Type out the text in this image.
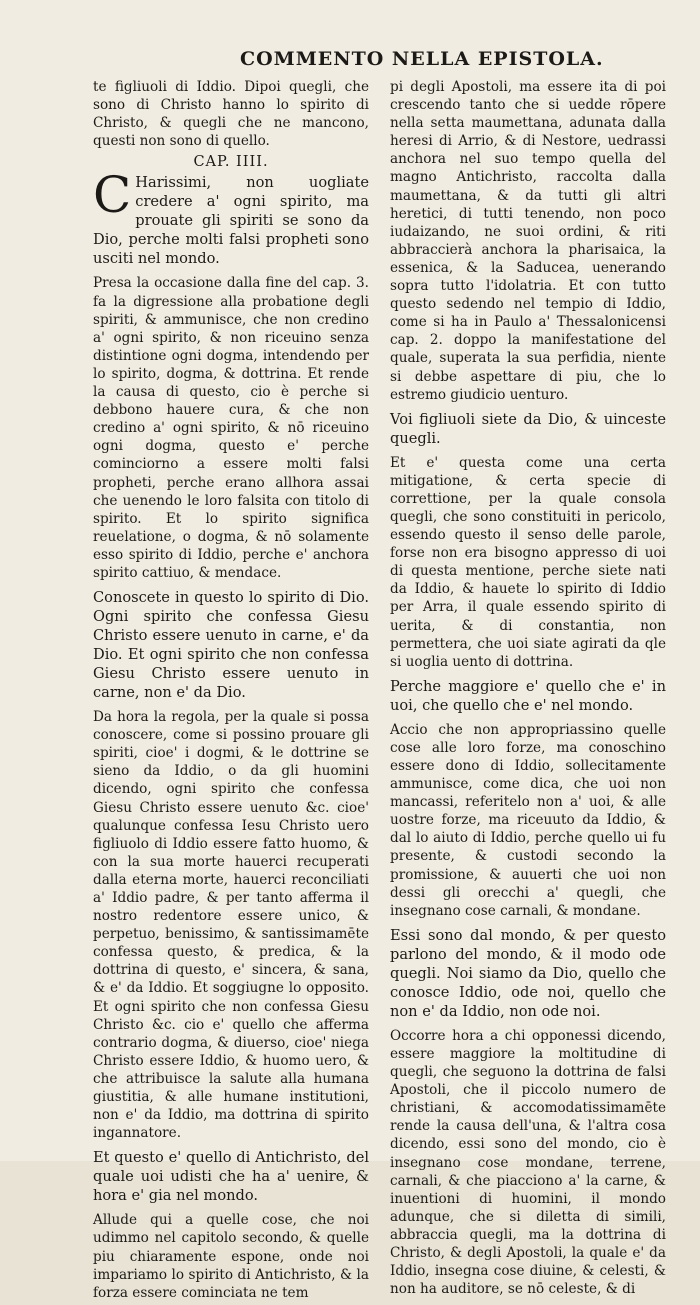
COMMENTO NELLA EPISTOLA.

te figliuoli di Iddio. Dipoi quegli, che sono di Christo hanno lo spirito di Christo, & quegli che ne mancono, questi non sono di quello.

CAP. IIII.

C Harissimi, non uogliate credere a' ogni spirito, ma prouate gli spiriti se sono da Dio, perche molti falsi propheti sono usciti nel mondo.

Presa la occasione dalla fine del cap. 3. fa la digressione alla probatione degli spiriti, & ammunisce, che non credino a' ogni spirito, & non riceuino senza distintione ogni dogma, intendendo per lo spirito, dogma, & dottrina. Et rende la causa di questo, cio è perche si debbono hauere cura, & che non credino a' ogni spirito, & nō riceuino ogni dogma, questo e' perche cominciorno a essere molti falsi propheti, perche erano allhora assai che uenendo le loro falsita con titolo di spirito. Et lo spirito significa reuelatione, o dogma, & nō solamente esso spirito di Iddio, perche e' anchora spirito cattiuo, & mendace.

Conoscete in questo lo spirito di Dio. Ogni spirito che confessa Giesu Christo essere uenuto in carne, e' da Dio. Et ogni spirito che non confessa Giesu Christo essere uenuto in carne, non e' da Dio.

Da hora la regola, per la quale si possa conoscere, come si possino prouare gli spiriti, cioe' i dogmi, & le dottrine se sieno da Iddio, o da gli huomini dicendo, ogni spirito che confessa Giesu Christo essere uenuto &c. cioe' qualunque confessa Iesu Christo uero figliuolo di Iddio essere fatto huomo, & con la sua morte hauerci recuperati dalla eterna morte, hauerci reconciliati a' Iddio padre, & per tanto afferma il nostro redentore essere unico, & perpetuo, benissimo, & santissimamēte confessa questo, & predica, & la dottrina di questo, e' sincera, & sana, & e' da Iddio. Et soggiugne lo opposito. Et ogni spirito che non confessa Giesu Christo &c. cio e' quello che afferma contrario dogma, & diuerso, cioe' niega Christo essere Iddio, & huomo uero, & che attribuisce la salute alla humana giustitia, & alle humane institutioni, non e' da Iddio, ma dottrina di spirito ingannatore.

Et questo e' quello di Antichristo, del quale uoi udisti che ha a' uenire, & hora e' gia nel mondo.

Allude qui a quelle cose, che noi udimmo nel capitolo secondo, & quelle piu chiaramente espone, onde noi impariamo lo spirito di Antichristo, & la forza essere cominciata ne tem

pi degli Apostoli, ma essere ita di poi crescendo tanto che si uedde rōpere nella setta maumettana, adunata dalla heresi di Arrio, & di Nestore, uedrassi anchora nel suo tempo quella del magno Antichristo, raccolta dalla maumettana, & da tutti gli altri heretici, di tutti tenendo, non poco iudaizando, ne suoi ordini, & riti abbraccierà anchora la pharisaica, la essenica, & la Saducea, uenerando sopra tutto l'idolatria. Et con tutto questo sedendo nel tempio di Iddio, come si ha in Paulo a' Thessalonicensi cap. 2. doppo la manifestatione del quale, superata la sua perfidia, niente si debbe aspettare di piu, che lo estremo giudicio uenturo.

Voi figliuoli siete da Dio, & uinceste quegli.

Et e' questa come una certa mitigatione, & certa specie di correttione, per la quale consola quegli, che sono constituiti in pericolo, essendo questo il senso delle parole, forse non era bisogno appresso di uoi di questa mentione, perche siete nati da Iddio, & hauete lo spirito di Iddio per Arra, il quale essendo spirito di uerita, & di constantia, non permettera, che uoi siate agirati da qle si uoglia uento di dottrina.

Perche maggiore e' quello che e' in uoi, che quello che e' nel mondo.

Accio che non appropriassino quelle cose alle loro forze, ma conoschino essere dono di Iddio, sollecitamente ammunisce, come dica, che uoi non mancassi, referitelo non a' uoi, & alle uostre forze, ma riceuuto da Iddio, & dal lo aiuto di Iddio, perche quello ui fu presente, & custodi secondo la promissione, & auuerti che uoi non dessi gli orecchi a' quegli, che insegnano cose carnali, & mondane.

Essi sono dal mondo, & per questo parlono del mondo, & il modo ode quegli. Noi siamo da Dio, quello che conosce Iddio, ode noi, quello che non e' da Iddio, non ode noi.

Occorre hora a chi opponessi dicendo, essere maggiore la moltitudine di quegli, che seguono la dottrina de falsi Apostoli, che il piccolo numero de christiani, & accomodatissimamēte rende la causa dell'una, & l'altra cosa dicendo, essi sono del mondo, cio è insegnano cose mondane, terrene, carnali, & che piacciono a' la carne, & inuentioni di huomini, il mondo adunque, che si diletta di simili, abbraccia quegli, ma la dottrina di Christo, & degli Apostoli, la quale e' da Iddio, insegna cose diuine, & celesti, & non ha auditore, se nō celeste, & di
